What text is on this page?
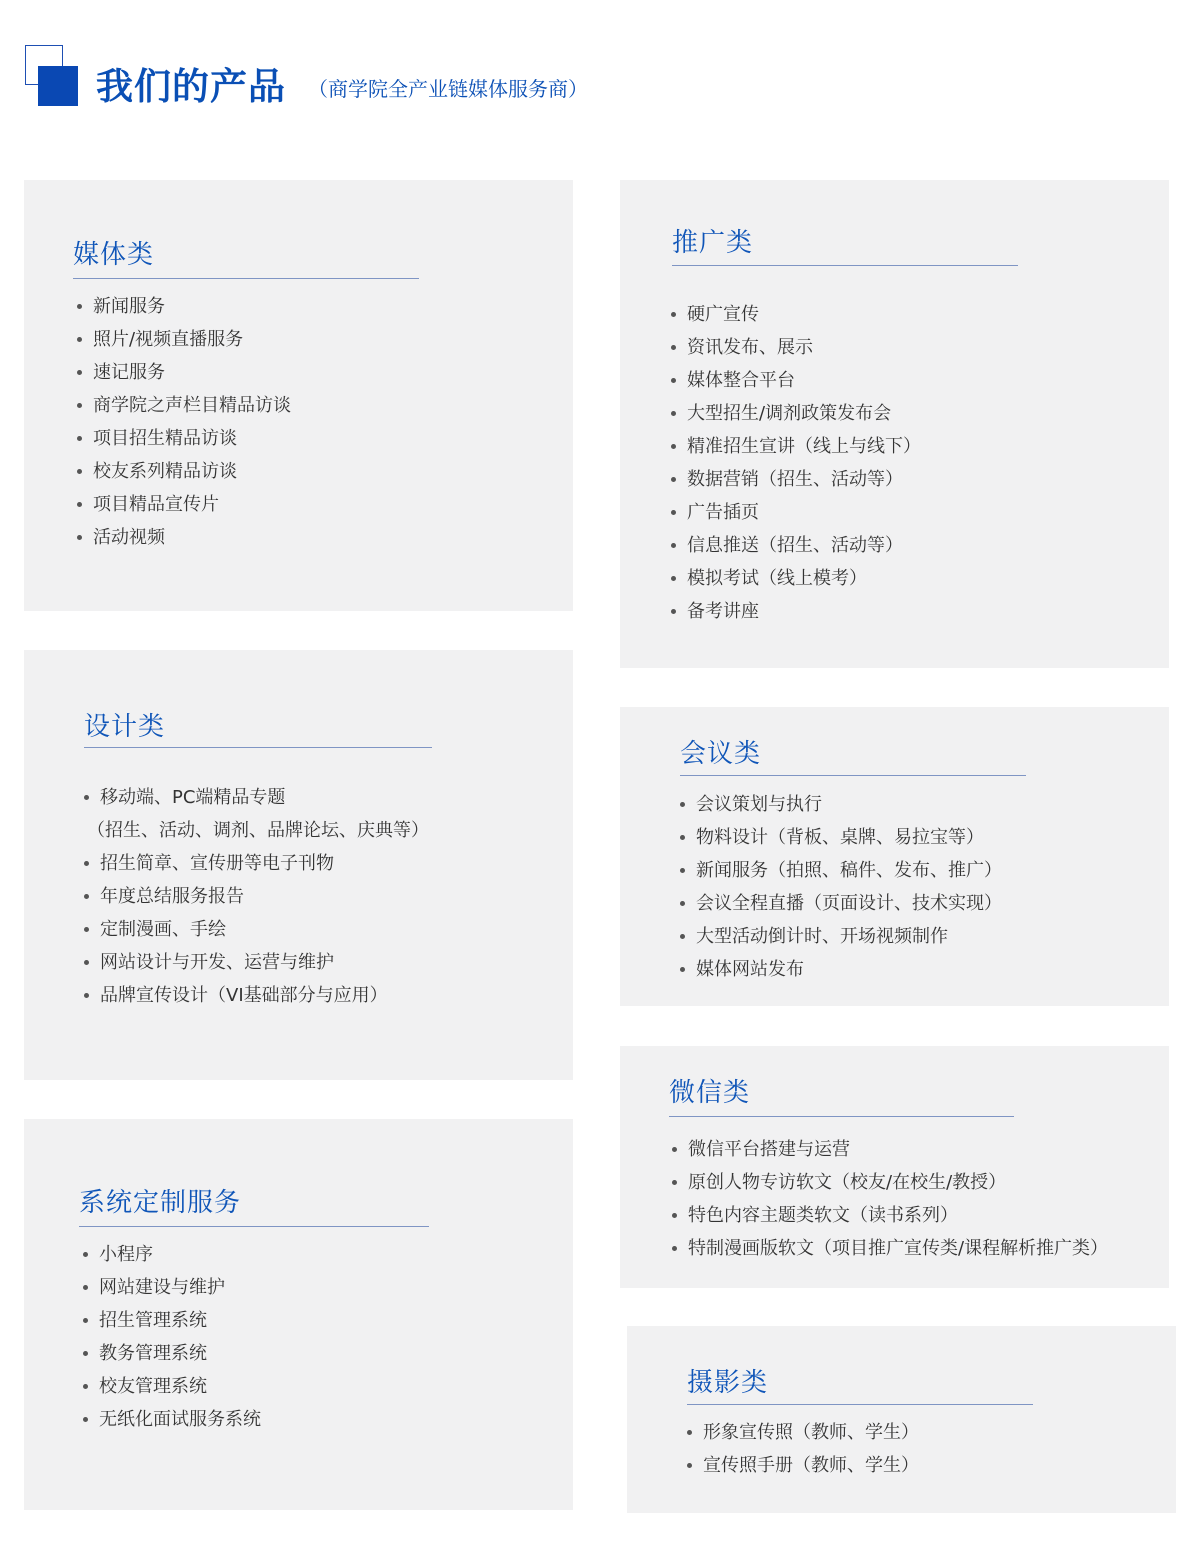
我们的产品 （商学院全产业链媒体服务商）
媒体类
新闻服务
照片/视频直播服务
速记服务
商学院之声栏目精品访谈
项目招生精品访谈
校友系列精品访谈
项目精品宣传片
活动视频
推广类
硬广宣传
资讯发布、展示
媒体整合平台
大型招生/调剂政策发布会
精准招生宣讲（线上与线下）
数据营销（招生、活动等）
广告插页
信息推送（招生、活动等）
模拟考试（线上模考）
备考讲座
设计类
移动端、PC端精品专题
（招生、活动、调剂、品牌论坛、庆典等）
招生简章、宣传册等电子刊物
年度总结服务报告
定制漫画、手绘
网站设计与开发、运营与维护
品牌宣传设计（VI基础部分与应用）
会议类
会议策划与执行
物料设计（背板、桌牌、易拉宝等）
新闻服务（拍照、稿件、发布、推广）
会议全程直播（页面设计、技术实现）
大型活动倒计时、开场视频制作
媒体网站发布
系统定制服务
小程序
网站建设与维护
招生管理系统
教务管理系统
校友管理系统
无纸化面试服务系统
微信类
微信平台搭建与运营
原创人物专访软文（校友/在校生/教授）
特色内容主题类软文（读书系列）
特制漫画版软文（项目推广宣传类/课程解析推广类）
摄影类
形象宣传照（教师、学生）
宣传照手册（教师、学生）
